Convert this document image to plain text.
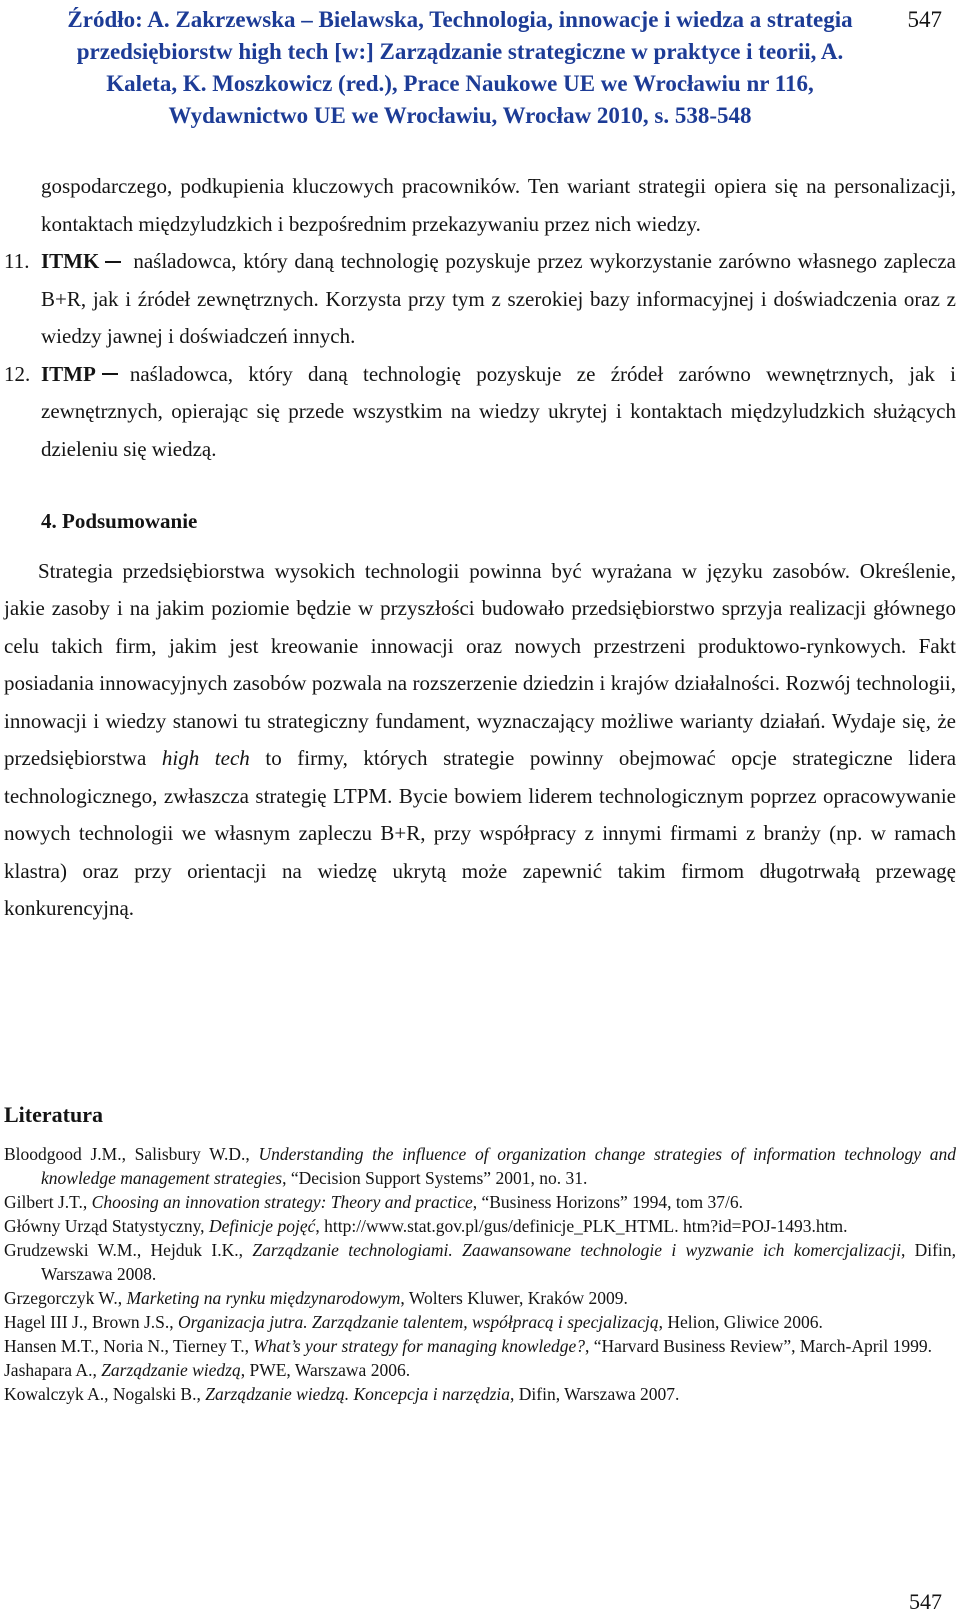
Źródło: A. Zakrzewska – Bielawska, Technologia, innowacje i wiedza a strategia
przedsiębiorstw high tech [w:] Zarządzanie strategiczne w praktyce i teorii, A.
Kaleta, K. Moszkowicz (red.), Prace Naukowe UE we Wrocławiu nr 116,
Wydawnictwo UE we Wrocławiu, Wrocław 2010, s. 538-548
547

gospodarczego, podkupienia kluczowych pracowników. Ten wariant strategii opiera się na personalizacji, kontaktach międzyludzkich i bezpośrednim przekazywaniu przez nich wiedzy.

11. ITMK naśladowca, który daną technologię pozyskuje przez wykorzystanie zarówno własnego zaplecza B+R, jak i źródeł zewnętrznych. Korzysta przy tym z szerokiej bazy informacyjnej i doświadczenia oraz z wiedzy jawnej i doświadczeń innych.

12. ITMP naśladowca, który daną technologię pozyskuje ze źródeł zarówno wewnętrznych, jak i zewnętrznych, opierając się przede wszystkim na wiedzy ukrytej i kontaktach międzyludzkich służących dzieleniu się wiedzą.

4. Podsumowanie

Strategia przedsiębiorstwa wysokich technologii powinna być wyrażana w języku zasobów. Określenie, jakie zasoby i na jakim poziomie będzie w przyszłości budowało przedsiębiorstwo sprzyja realizacji głównego celu takich firm, jakim jest kreowanie innowacji oraz nowych przestrzeni produktowo-rynkowych. Fakt posiadania innowacyjnych zasobów pozwala na rozszerzenie dziedzin i krajów działalności. Rozwój technologii, innowacji i wiedzy stanowi tu strategiczny fundament, wyznaczający możliwe warianty działań. Wydaje się, że przedsiębiorstwa high tech to firmy, których strategie powinny obejmować opcje strategiczne lidera technologicznego, zwłaszcza strategię LTPM. Bycie bowiem liderem technologicznym poprzez opracowywanie nowych technologii we własnym zapleczu B+R, przy współpracy z innymi firmami z branży (np. w ramach klastra) oraz przy orientacji na wiedzę ukrytą może zapewnić takim firmom długotrwałą przewagę konkurencyjną.

Literatura

Bloodgood J.M., Salisbury W.D., Understanding the influence of organization change strategies of information technology and knowledge management strategies, “Decision Support Systems” 2001, no. 31.

Gilbert J.T., Choosing an innovation strategy: Theory and practice, “Business Horizons” 1994, tom 37/6.

Główny Urząd Statystyczny, Definicje pojęć, http://www.stat.gov.pl/gus/definicje_PLK_HTML. htm?id=POJ-1493.htm.

Grudzewski W.M., Hejduk I.K., Zarządzanie technologiami. Zaawansowane technologie i wyzwanie ich komercjalizacji, Difin, Warszawa 2008.

Grzegorczyk W., Marketing na rynku międzynarodowym, Wolters Kluwer, Kraków 2009.

Hagel III J., Brown J.S., Organizacja jutra. Zarządzanie talentem, współpracą i specjalizacją, Helion, Gliwice 2006.

Hansen M.T., Noria N., Tierney T., What’s your strategy for managing knowledge?, “Harvard Business Review”, March-April 1999.

Jashapara A., Zarządzanie wiedzą, PWE, Warszawa 2006.

Kowalczyk A., Nogalski B., Zarządzanie wiedzą. Koncepcja i narzędzia, Difin, Warszawa 2007.

547
